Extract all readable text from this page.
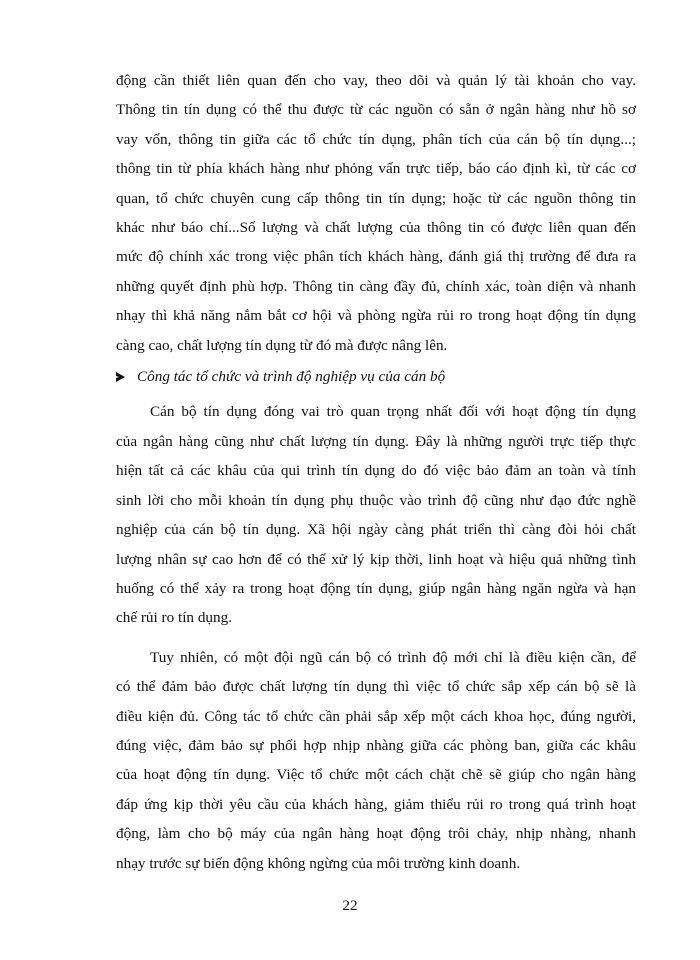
động cần thiết liên quan đến cho vay, theo dõi và quản lý tài khoản cho vay.
Thông tin tín dụng có thể thu được từ các nguồn có sẵn ở ngân hàng như hồ sơ
vay vốn, thông tin giữa các tổ chức tín dụng, phân tích của cán bộ tín dụng...;
thông tin từ phía khách hàng như phỏng vấn trực tiếp, báo cáo định kì, từ các cơ
quan, tổ chức chuyên cung cấp thông tin tín dụng; hoặc từ các nguồn thông tin
khác như báo chí...Số lượng và chất lượng của thông tin có được liên quan đến
mức độ chính xác trong việc phân tích khách hàng, đánh giá thị trường để đưa ra
những quyết định phù hợp. Thông tin càng đầy đủ, chính xác, toàn diện và nhanh
nhạy thì khả năng nắm bắt cơ hội và phòng ngừa rủi ro trong hoạt động tín dụng
càng cao, chất lượng tín dụng từ đó mà được nâng lên.
Công tác tổ chức và trình độ nghiệp vụ của cán bộ
Cán bộ tín dụng đóng vai trò quan trọng nhất đối với hoạt động tín dụng
của ngân hàng cũng như chất lượng tín dụng. Đây là những người trực tiếp thực
hiện tất cả các khâu của qui trình tín dụng do đó việc bảo đảm an toàn và tính
sinh lời cho mỗi khoản tín dụng phụ thuộc vào trình độ cũng như đạo đức nghề
nghiệp của cán bộ tín dụng. Xã hội ngày càng phát triển thì càng đòi hỏi chất
lượng nhân sự cao hơn để có thể xử lý kịp thời, linh hoạt và hiệu quả những tình
huống có thể xảy ra trong hoạt động tín dụng, giúp ngân hàng ngăn ngừa và hạn
chế rủi ro tín dụng.
Tuy nhiên, có một đội ngũ cán bộ có trình độ mới chỉ là điều kiện cần, để
có thể đảm bảo được chất lượng tín dụng thì việc tổ chức sắp xếp cán bộ sẽ là
điều kiện đủ. Công tác tổ chức cần phải sắp xếp một cách khoa học, đúng người,
đúng việc, đảm bảo sự phối hợp nhịp nhàng giữa các phòng ban, giữa các khâu
của hoạt động tín dụng. Việc tổ chức một cách chặt chẽ sẽ giúp cho ngân hàng
đáp ứng kịp thời yêu cầu của khách hàng, giảm thiểu rủi ro trong quá trình hoạt
động, làm cho bộ máy của ngân hàng hoạt động trôi chảy, nhịp nhàng, nhanh
nhạy trước sự biến động không ngừng của môi trường kinh doanh.
22
